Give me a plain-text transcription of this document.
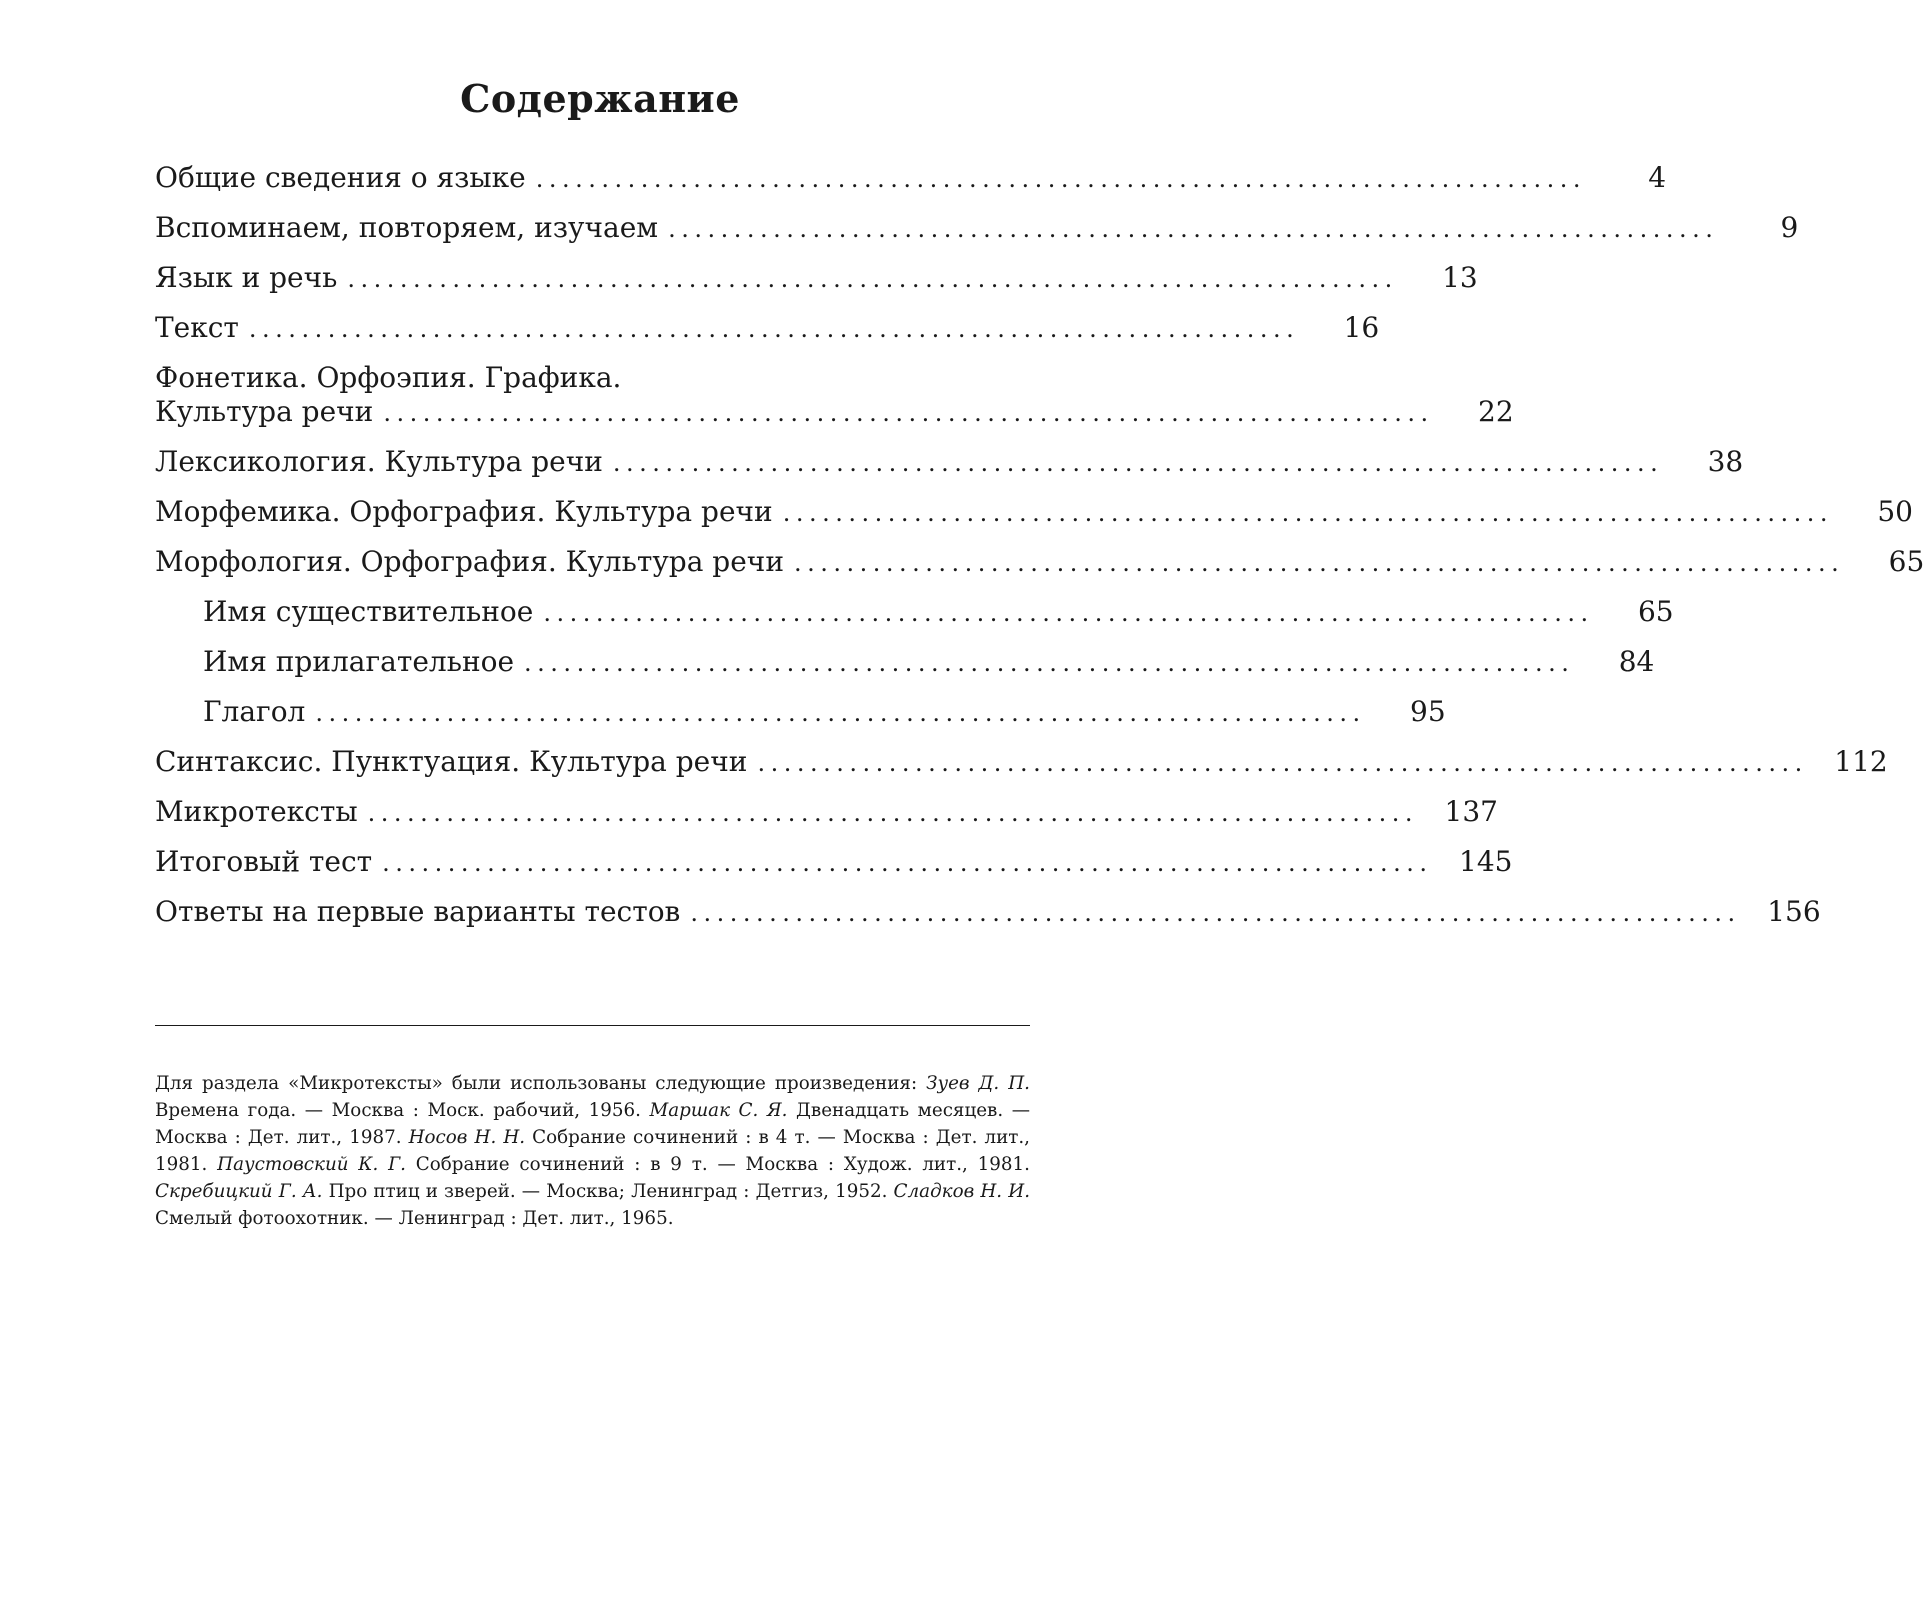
Содержание
Общие сведения о языке ................................................................................	4
Вспоминаем, повторяем, изучаем ................................................................................	9
Язык и речь ................................................................................	13
Текст ................................................................................	16
Фонетика. Орфоэпия. Графика.
Культура речи ................................................................................	22
Лексикология. Культура речи ................................................................................	38
Морфемика. Орфография. Культура речи ................................................................................	50
Морфология. Орфография. Культура речи ................................................................................	65
Имя существительное ................................................................................	65
Имя прилагательное ................................................................................	84
Глагол ................................................................................	95
Синтаксис. Пунктуация. Культура речи ................................................................................ 112
Микротексты ................................................................................ 137
Итоговый тест ................................................................................ 145
Ответы на первые варианты тестов ................................................................................ 156
Для раздела «Микротексты» были использованы следующие произведения: Зуев Д. П. Времена года. — Москва : Моск. рабочий, 1956. Маршак С. Я. Двенадцать месяцев. — Москва : Дет. лит., 1987. Носов Н. Н. Собрание сочинений : в 4 т. — Москва : Дет. лит., 1981. Паустовский К. Г. Собрание сочинений : в 9 т. — Москва : Худож. лит., 1981. Скребицкий Г. А. Про птиц и зверей. — Москва; Ленинград : Детгиз, 1952. Сладков Н. И. Смелый фотоохотник. — Ленинград : Дет. лит., 1965.
